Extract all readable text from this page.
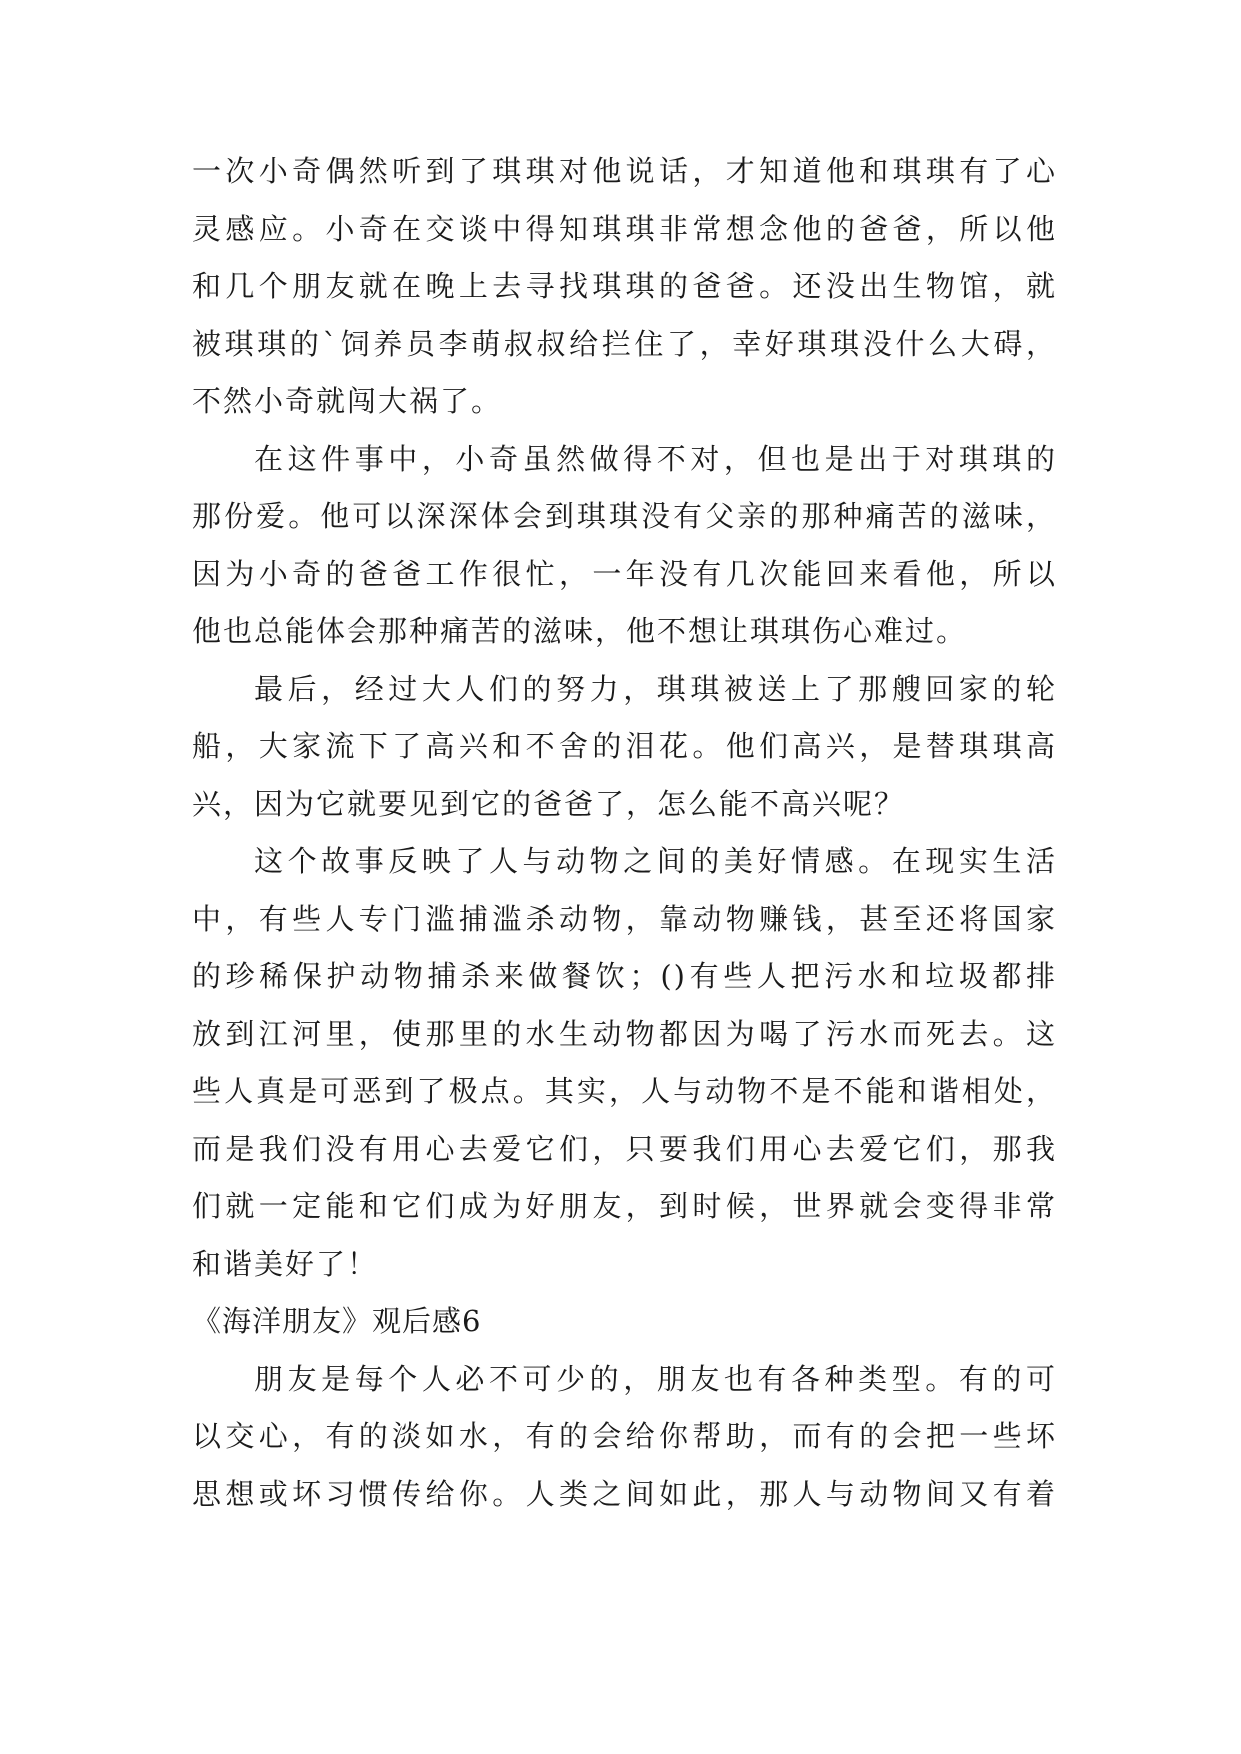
一次小奇偶然听到了琪琪对他说话，才知道他和琪琪有了心
灵感应。小奇在交谈中得知琪琪非常想念他的爸爸，所以他
和几个朋友就在晚上去寻找琪琪的爸爸。还没出生物馆，就
被琪琪的`饲养员李萌叔叔给拦住了，幸好琪琪没什么大碍，
不然小奇就闯大祸了。
在这件事中，小奇虽然做得不对，但也是出于对琪琪的
那份爱。他可以深深体会到琪琪没有父亲的那种痛苦的滋味，
因为小奇的爸爸工作很忙，一年没有几次能回来看他，所以
他也总能体会那种痛苦的滋味，他不想让琪琪伤心难过。
最后，经过大人们的努力，琪琪被送上了那艘回家的轮
船，大家流下了高兴和不舍的泪花。他们高兴，是替琪琪高
兴，因为它就要见到它的爸爸了，怎么能不高兴呢？
这个故事反映了人与动物之间的美好情感。在现实生活
中，有些人专门滥捕滥杀动物，靠动物赚钱，甚至还将国家
的珍稀保护动物捕杀来做餐饮；()有些人把污水和垃圾都排
放到江河里，使那里的水生动物都因为喝了污水而死去。这
些人真是可恶到了极点。其实，人与动物不是不能和谐相处，
而是我们没有用心去爱它们，只要我们用心去爱它们，那我
们就一定能和它们成为好朋友，到时候，世界就会变得非常
和谐美好了！
《海洋朋友》观后感6
朋友是每个人必不可少的，朋友也有各种类型。有的可
以交心，有的淡如水，有的会给你帮助，而有的会把一些坏
思想或坏习惯传给你。人类之间如此，那人与动物间又有着
